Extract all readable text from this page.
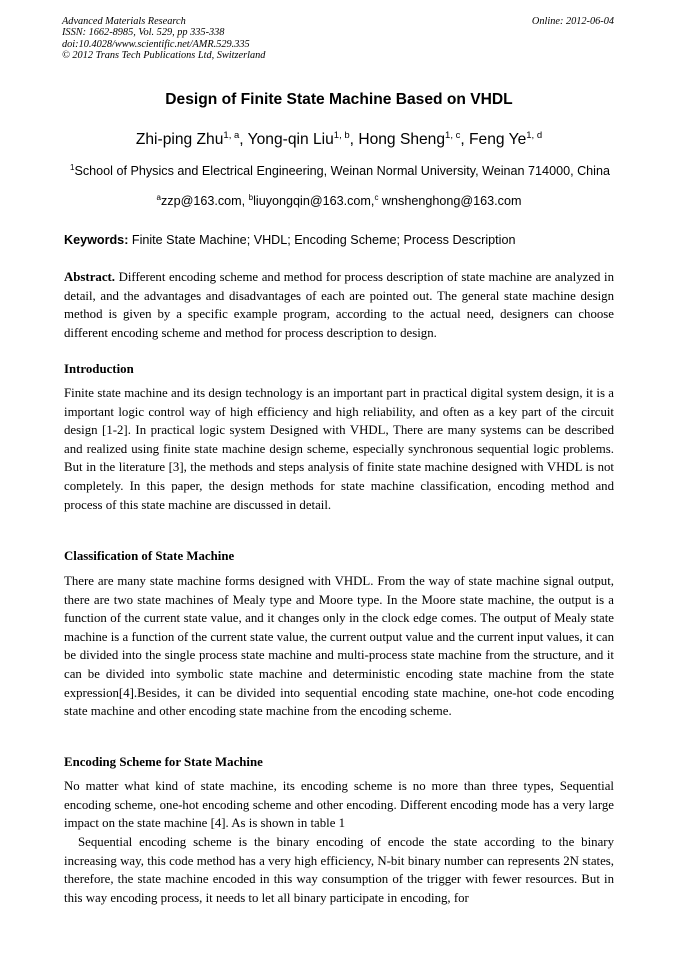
Advanced Materials Research
ISSN: 1662-8985, Vol. 529, pp 335-338
doi:10.4028/www.scientific.net/AMR.529.335
© 2012 Trans Tech Publications Ltd, Switzerland
Online: 2012-06-04
Design of Finite State Machine Based on VHDL
Zhi-ping Zhu$^{1, a}$, Yong-qin Liu$^{1, b}$, Hong Sheng$^{1, c}$, Feng Ye$^{1, d}$
$^1$School of Physics and Electrical Engineering, Weinan Normal University, Weinan 714000, China
$^a$zzp@163.com, $^b$liuyongqin@163.com,$^c$ wnshenghong@163.com
Keywords: Finite State Machine; VHDL; Encoding Scheme; Process Description

Abstract. Different encoding scheme and method for process description of state machine are analyzed in detail, and the advantages and disadvantages of each are pointed out. The general state machine design method is given by a specific example program, according to the actual need, designers can choose different encoding scheme and method for process description to design.

Introduction

Finite state machine and its design technology is an important part in practical digital system design, it is a important logic control way of high efficiency and high reliability, and often as a key part of the circuit design [1-2]. In practical logic system Designed with VHDL, There are many systems can be described and realized using finite state machine design scheme, especially synchronous sequential logic problems. But in the literature [3], the methods and steps analysis of finite state machine designed with VHDL is not completely. In this paper, the design methods for state machine classification, encoding method and process of this state machine are discussed in detail.

Classification of State Machine

There are many state machine forms designed with VHDL. From the way of state machine signal output, there are two state machines of Mealy type and Moore type. In the Moore state machine, the output is a function of the current state value, and it changes only in the clock edge comes. The output of Mealy state machine is a function of the current state value, the current output value and the current input values, it can be divided into the single process state machine and multi-process state machine from the structure, and it can be divided into symbolic state machine and deterministic encoding state machine from the state expression[4].Besides, it can be divided into sequential encoding state machine, one-hot code encoding state machine and other encoding state machine from the encoding scheme.

Encoding Scheme for State Machine

No matter what kind of state machine, its encoding scheme is no more than three types, Sequential encoding scheme, one-hot encoding scheme and other encoding. Different encoding mode has a very large impact on the state machine [4]. As is shown in table 1

Sequential encoding scheme is the binary encoding of encode the state according to the binary increasing way, this code method has a very high efficiency, N-bit binary number can represents 2N states, therefore, the state machine encoded in this way consumption of the trigger with fewer resources. But in this way encoding process, it needs to let all binary participate in encoding, for
